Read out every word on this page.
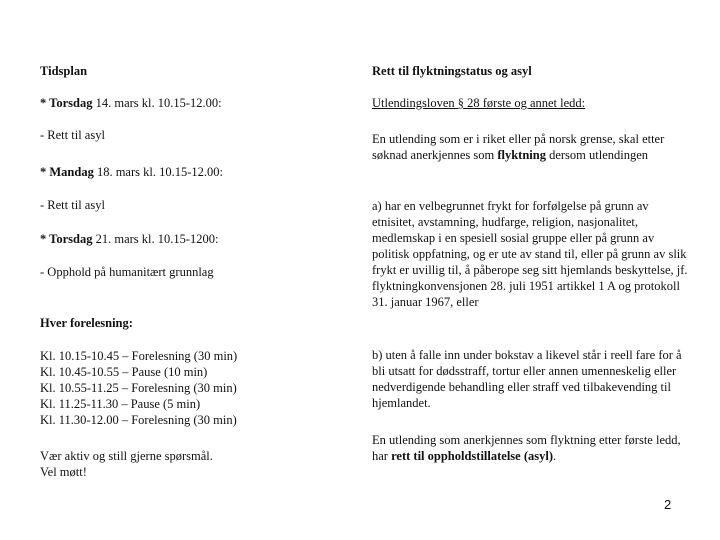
Tidsplan
* Torsdag 14. mars kl. 10.15-12.00:
- Rett til asyl
* Mandag 18. mars kl. 10.15-12.00:
- Rett til asyl
* Torsdag 21. mars kl. 10.15-1200:
- Opphold på humanitært grunnlag
Hver forelesning:
Kl. 10.15-10.45 – Forelesning (30 min)
Kl. 10.45-10.55 – Pause (10 min)
Kl. 10.55-11.25 – Forelesning (30 min)
Kl. 11.25-11.30 – Pause (5 min)
Kl. 11.30-12.00 – Forelesning (30 min)
Vær aktiv og still gjerne spørsmål.
Vel møtt!
Rett til flyktningstatus og asyl
Utlendingsloven § 28 første og annet ledd:
En utlending som er i riket eller på norsk grense, skal etter søknad anerkjennes som flyktning dersom utlendingen
a) har en velbegrunnet frykt for forfølgelse på grunn av etnisitet, avstamning, hudfarge, religion, nasjonalitet, medlemskap i en spesiell sosial gruppe eller på grunn av politisk oppfatning, og er ute av stand til, eller på grunn av slik frykt er uvillig til, å påberope seg sitt hjemlands beskyttelse, jf. flyktningkonvensjonen 28. juli 1951 artikkel 1 A og protokoll 31. januar 1967, eller
b) uten å falle inn under bokstav a likevel står i reell fare for å bli utsatt for dødsstraff, tortur eller annen umenneskelig eller nedverdigende behandling eller straff ved tilbakevending til hjemlandet.
En utlending som anerkjennes som flyktning etter første ledd, har rett til oppholdstillatelse (asyl).
2
